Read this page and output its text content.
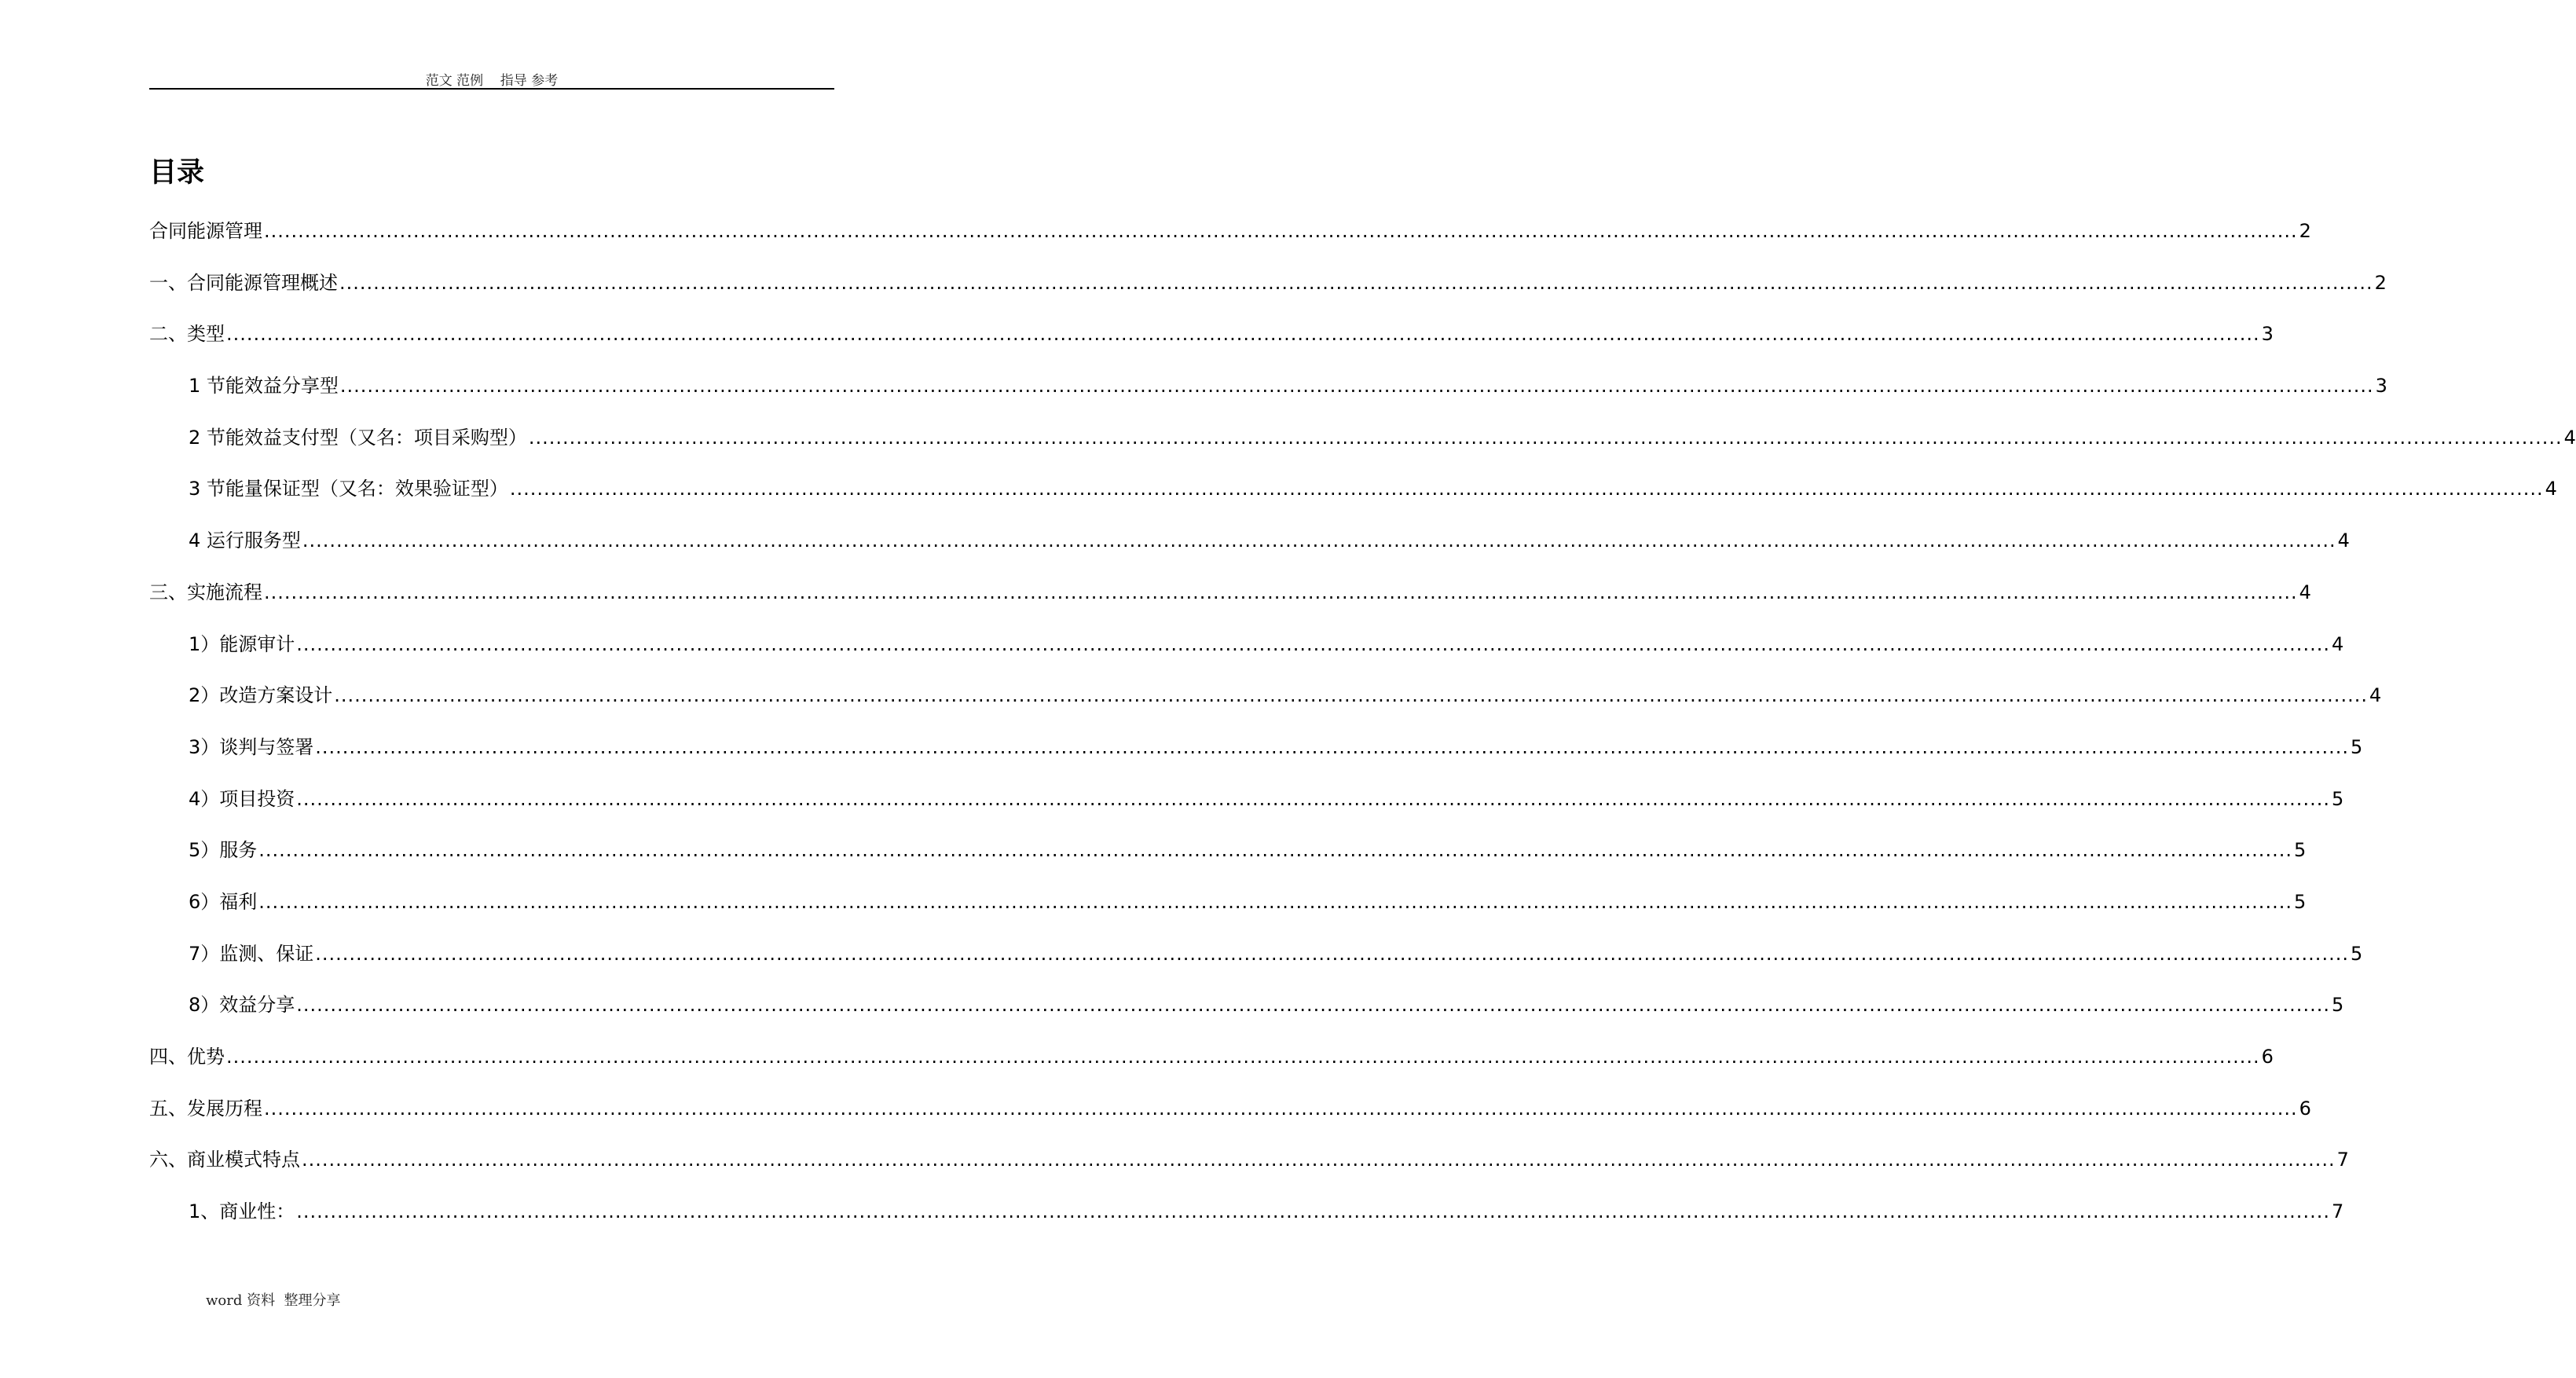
范文 范例    指导 参考
目录
合同能源管理 ............................................................................................................................................................................................................................................................................................................ 2
一、合同能源管理概述 ............................................................................................................................................................................................................................................................................................................ 2
二、类型 ............................................................................................................................................................................................................................................................................................................ 3
1 节能效益分享型 ............................................................................................................................................................................................................................................................................................................ 3
2 节能效益支付型（又名：项目采购型） ............................................................................................................................................................................................................................................................................................................ 4
3 节能量保证型（又名：效果验证型） ............................................................................................................................................................................................................................................................................................................ 4
4 运行服务型 ............................................................................................................................................................................................................................................................................................................ 4
三、实施流程 ............................................................................................................................................................................................................................................................................................................ 4
1）能源审计 ............................................................................................................................................................................................................................................................................................................ 4
2）改造方案设计 ............................................................................................................................................................................................................................................................................................................ 4
3）谈判与签署 ............................................................................................................................................................................................................................................................................................................ 5
4）项目投资 ............................................................................................................................................................................................................................................................................................................ 5
5）服务 ............................................................................................................................................................................................................................................................................................................ 5
6）福利 ............................................................................................................................................................................................................................................................................................................ 5
7）监测、保证 ............................................................................................................................................................................................................................................................................................................ 5
8）效益分享 ............................................................................................................................................................................................................................................................................................................ 5
四、优势 ............................................................................................................................................................................................................................................................................................................ 6
五、发展历程 ............................................................................................................................................................................................................................................................................................................ 6
六、商业模式特点 ............................................................................................................................................................................................................................................................................................................ 7
1、商业性： ............................................................................................................................................................................................................................................................................................................ 7
word 资料  整理分享
